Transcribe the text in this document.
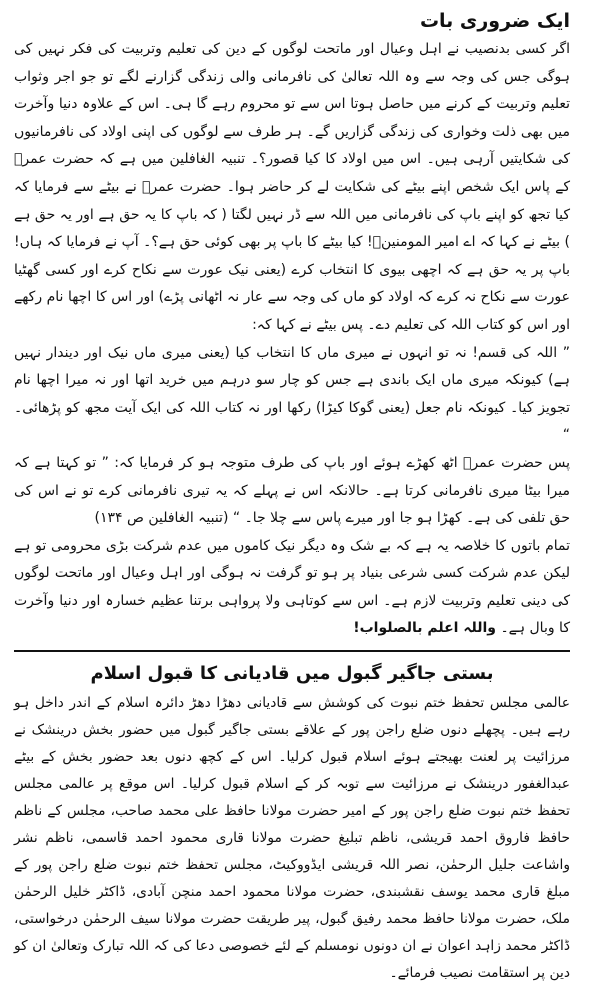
ایک ضروری بات

اگر کسی بدنصیب نے اہل وعیال اور ماتحت لوگوں کے دین کی تعلیم وتربیت کی فکر نہیں کی ہوگی جس کی وجہ سے وہ اللہ تعالیٰ کی نافرمانی والی زندگی گزارنے لگے تو جو اجر وثواب تعلیم وتربیت کے کرنے میں حاصل ہوتا اس سے تو محروم رہے گا ہی۔ اس کے علاوہ دنیا وآخرت میں بھی ذلت وخواری کی زندگی گزاریں گے۔ ہر طرف سے لوگوں کی اپنی اولاد کی نافرمانیوں کی شکایتیں آرہی ہیں۔ اس میں اولاد کا کیا قصور؟۔ تنبیہ الغافلین میں ہے کہ حضرت عمرؓ کے پاس ایک شخص اپنے بیٹے کی شکایت لے کر حاضر ہوا۔ حضرت عمرؓ نے بیٹے سے فرمایا کہ کیا تجھ کو اپنے باپ کی نافرمانی میں اللہ سے ڈر نہیں لگتا ( کہ باپ کا یہ حق ہے اور یہ حق ہے ) بیٹے نے کہا کہ اے امیر المومنینؓ! کیا بیٹے کا باپ پر بھی کوئی حق ہے؟۔ آپ نے فرمایا کہ ہاں! باپ پر یہ حق ہے کہ اچھی بیوی کا انتخاب کرے (یعنی نیک عورت سے نکاح کرے اور کسی گھٹیا عورت سے نکاح نہ کرے کہ اولاد کو ماں کی وجہ سے عار نہ اٹھانی پڑے) اور اس کا اچھا نام رکھے اور اس کو کتاب اللہ کی تعلیم دے۔ پس بیٹے نے کہا کہ:

” اللہ کی قسم! نہ تو انہوں نے میری ماں کا انتخاب کیا (یعنی میری ماں نیک اور دیندار نہیں ہے) کیونکہ میری ماں ایک باندی ہے جس کو چار سو درہم میں خرید اتھا اور نہ میرا اچھا نام تجویز کیا۔ کیونکہ نام جعل (یعنی گوکا کیڑا) رکھا اور نہ کتاب اللہ کی ایک آیت مجھ کو پڑھائی۔ “

پس حضرت عمرؓ اٹھ کھڑے ہوئے اور باپ کی طرف متوجہ ہو کر فرمایا کہ: ” تو کہتا ہے کہ میرا بیٹا میری نافرمانی کرتا ہے۔ حالانکہ اس نے پہلے کہ یہ تیری نافرمانی کرے تو نے اس کی حق تلفی کی ہے۔ کھڑا ہو جا اور میرے پاس سے چلا جا۔ “ (تنبیہ الغافلین ص ۱۳۴)

تمام باتوں کا خلاصہ یہ ہے کہ بے شک وہ دیگر نیک کاموں میں عدم شرکت بڑی محرومی تو ہے لیکن عدم شرکت کسی شرعی بنیاد پر ہو تو گرفت نہ ہوگی اور اہل وعیال اور ماتحت لوگوں کی دینی تعلیم وتربیت لازم ہے۔ اس سے کوتاہی ولا پرواہی برتنا عظیم خسارہ اور دنیا وآخرت کا وبال ہے۔ واللہ اعلم بالصلواب!

بستی جاگیر گبول میں قادیانی کا قبول اسلام

عالمی مجلس تحفظ ختم نبوت کی کوشش سے قادیانی دھڑا دھڑ دائرہ اسلام کے اندر داخل ہو رہے ہیں۔ پچھلے دنوں ضلع راجن پور کے علاقے بستی جاگیر گبول میں حضور بخش درینشک نے مرزائیت پر لعنت بھیجتے ہوئے اسلام قبول کرلیا۔ اس کے کچھ دنوں بعد حضور بخش کے بیٹے عبدالغفور درینشک نے مرزائیت سے توبہ کر کے اسلام قبول کرلیا۔ اس موقع پر عالمی مجلس تحفظ ختم نبوت ضلع راجن پور کے امیر حضرت مولانا حافظ علی محمد صاحب، مجلس کے ناظم حافظ فاروق احمد قریشی، ناظم تبلیغ حضرت مولانا قاری محمود احمد قاسمی، ناظم نشر واشاعت جلیل الرحمٰن، نصر اللہ قریشی ایڈووکیٹ، مجلس تحفظ ختم نبوت ضلع راجن پور کے مبلغ قاری محمد یوسف نقشبندی، حضرت مولانا محمود احمد منچن آبادی، ڈاکٹر خلیل الرحمٰن ملک، حضرت مولانا حافظ محمد رفیق گبول، پیر طریقت حضرت مولانا سیف الرحمٰن درخواستی، ڈاکٹر محمد زاہد اعوان نے ان دونوں نومسلم کے لئے خصوصی دعا کی کہ اللہ تبارک وتعالیٰ ان کو دین پر استقامت نصیب فرمائے۔
